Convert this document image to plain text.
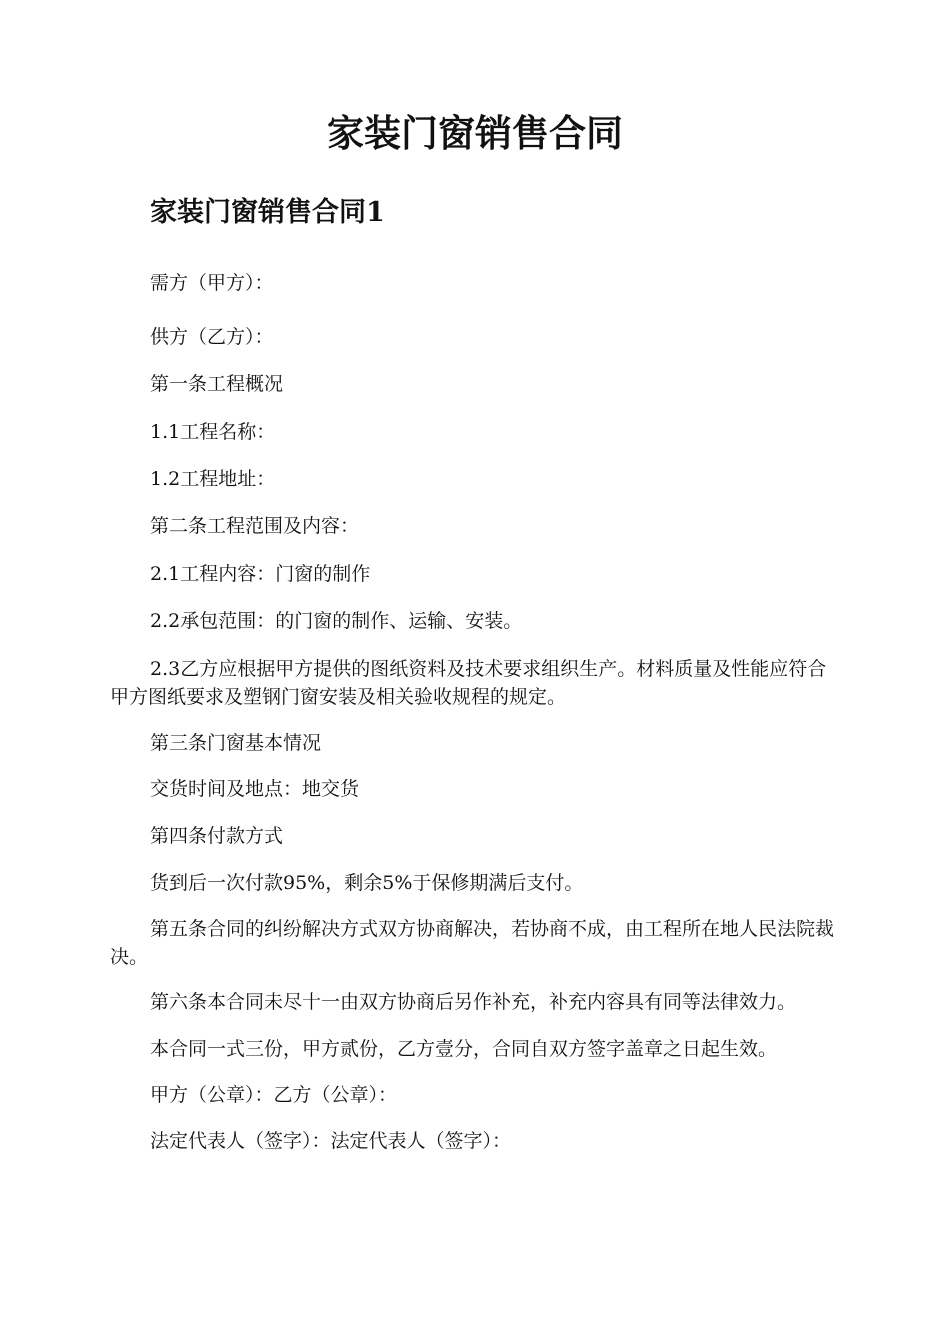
家装门窗销售合同
家装门窗销售合同1

需方（甲方）：

供方（乙方）：

第一条工程概况

1.1工程名称：

1.2工程地址：

第二条工程范围及内容：

2.1工程内容：门窗的制作

2.2承包范围：的门窗的制作、运输、安装。

2.3乙方应根据甲方提供的图纸资料及技术要求组织生产。材料质量及性能应符合甲方图纸要求及塑钢门窗安装及相关验收规程的规定。

第三条门窗基本情况

交货时间及地点：地交货

第四条付款方式

货到后一次付款95%，剩余5%于保修期满后支付。

第五条合同的纠纷解决方式双方协商解决，若协商不成，由工程所在地人民法院裁决。

第六条本合同未尽十一由双方协商后另作补充，补充内容具有同等法律效力。

本合同一式三份，甲方贰份，乙方壹分，合同自双方签字盖章之日起生效。

甲方（公章）：乙方（公章）：

法定代表人（签字）：法定代表人（签字）：
